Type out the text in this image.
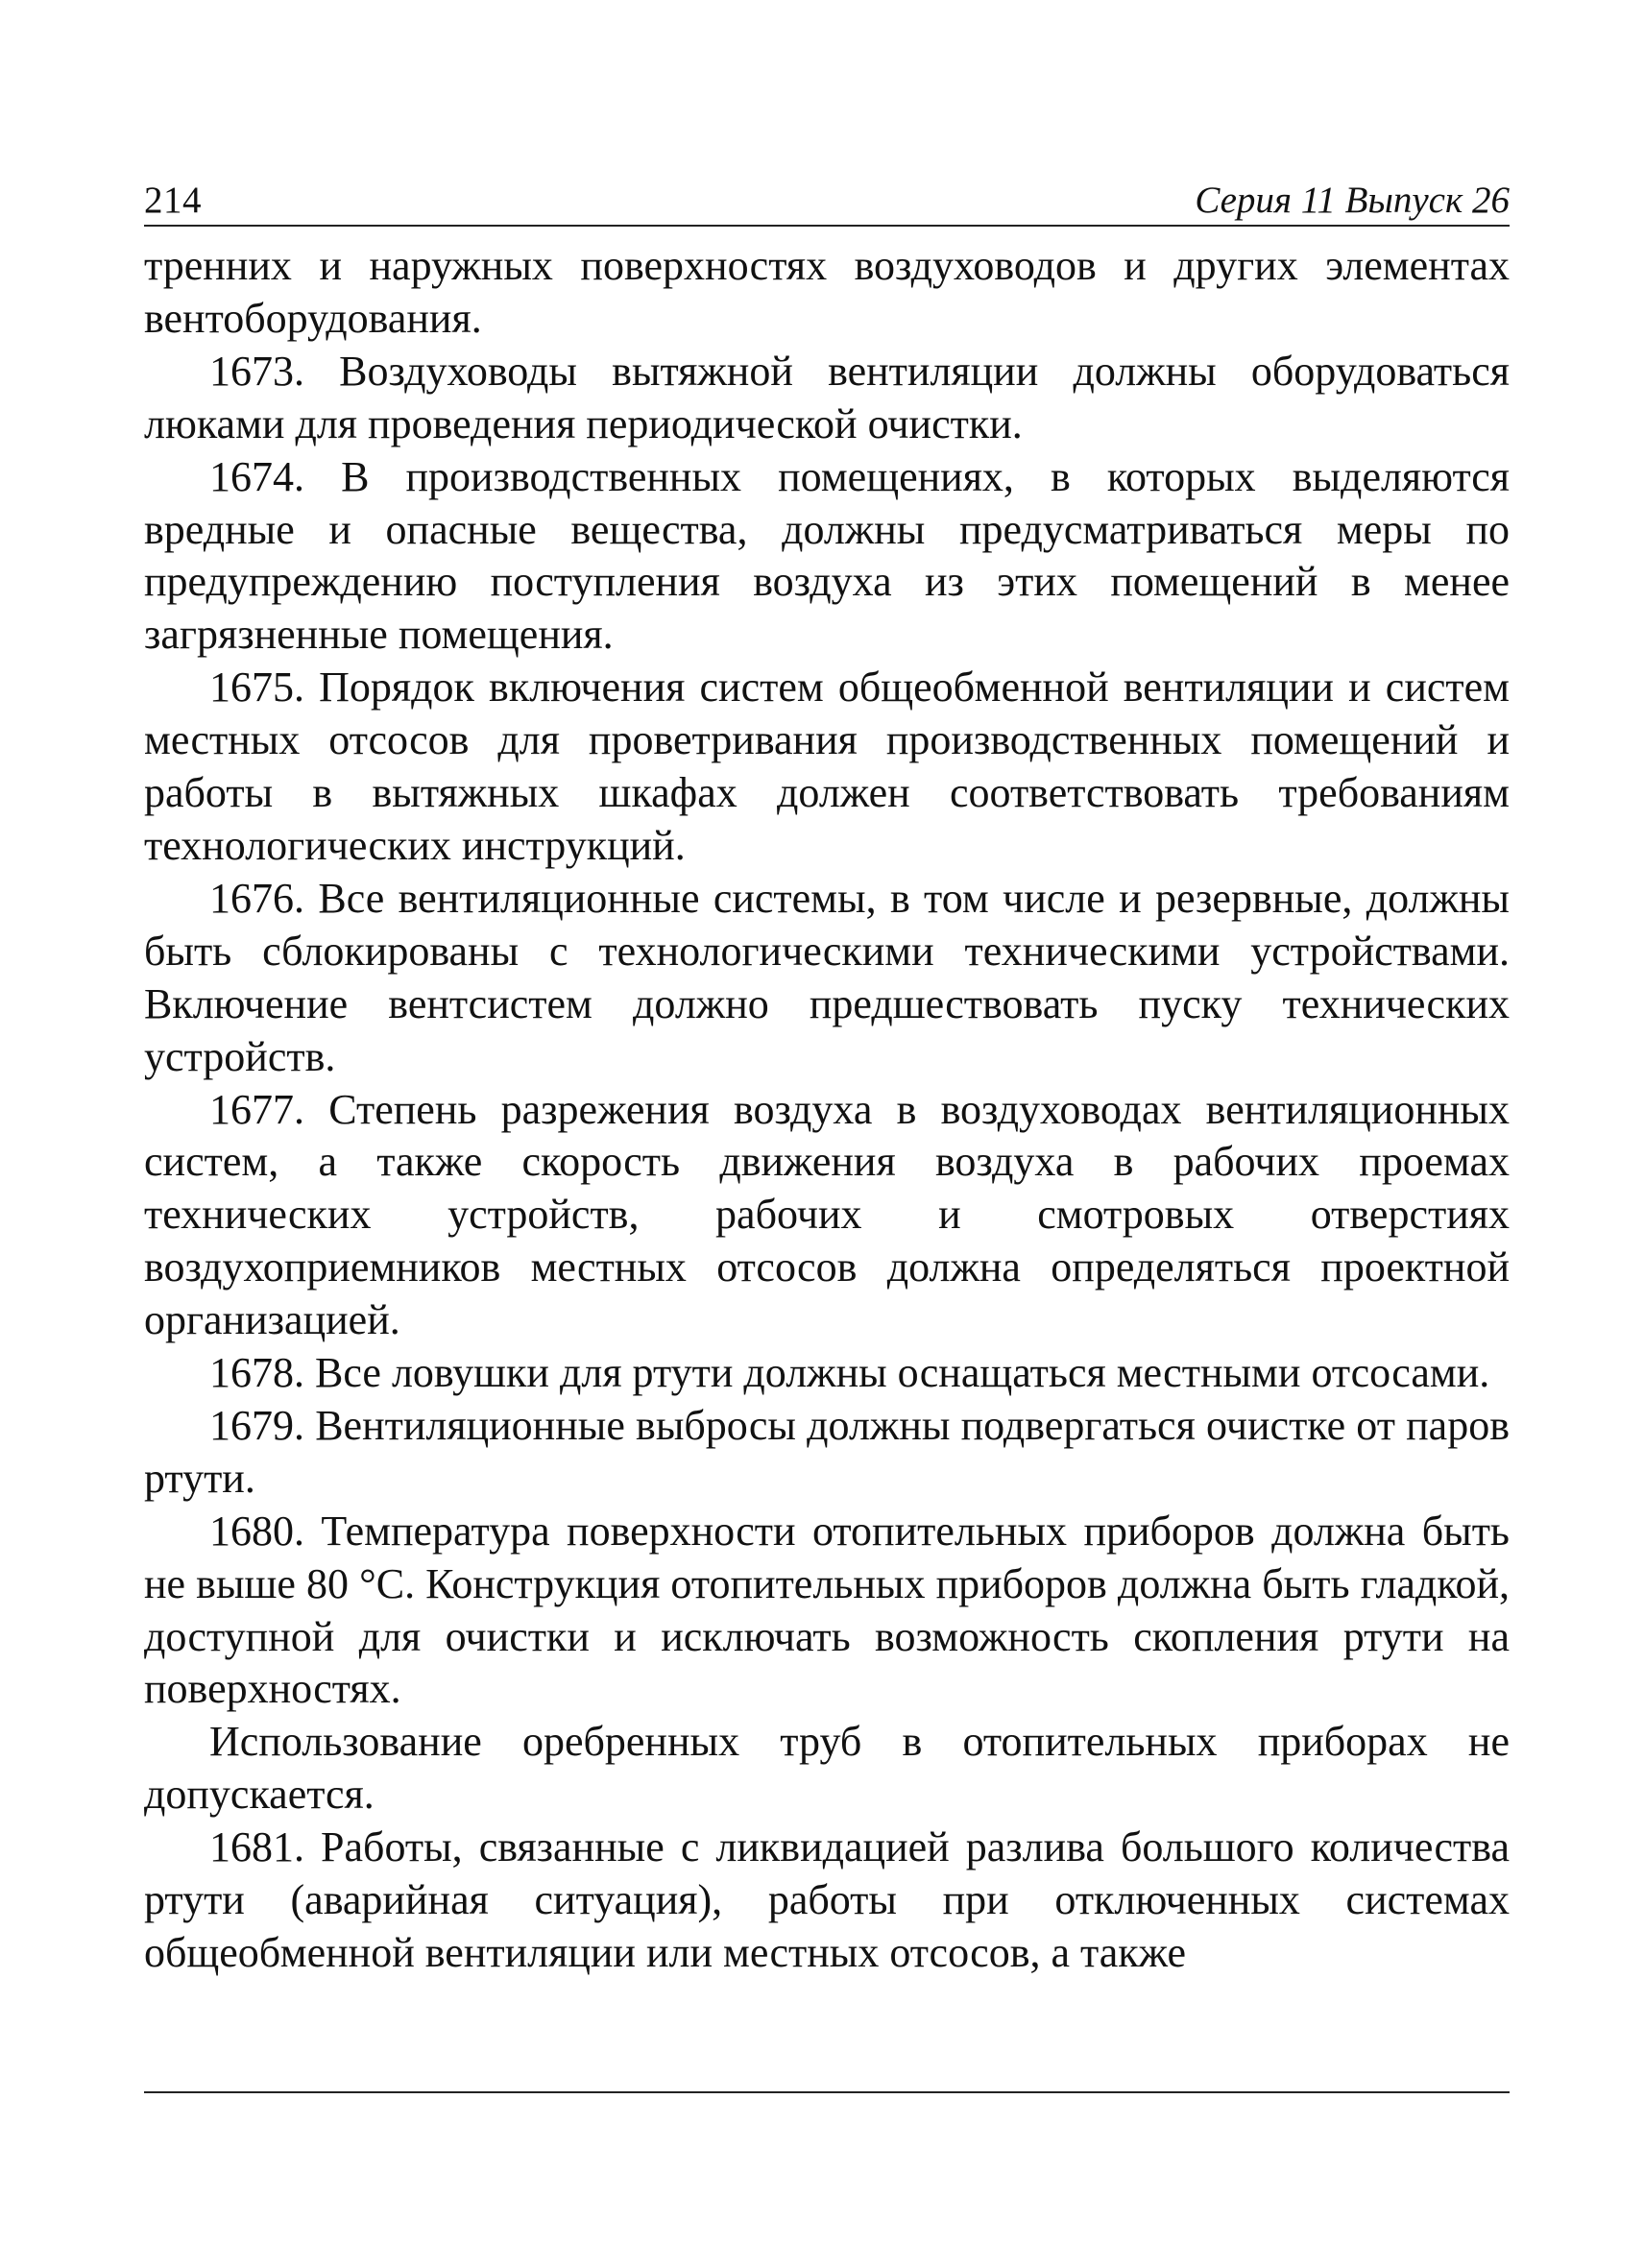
214	Серия 11 Выпуск 26

тренних и наружных поверхностях воздуховодов и других элементах вентоборудования.

1673. Воздуховоды вытяжной вентиляции должны оборудоваться люками для проведения периодической очистки.

1674. В производственных помещениях, в которых выделяются вредные и опасные вещества, должны предусматриваться меры по предупреждению поступления воздуха из этих помещений в менее загрязненные помещения.

1675. Порядок включения систем общеобменной вентиляции и систем местных отсосов для проветривания производственных помещений и работы в вытяжных шкафах должен соответствовать требованиям технологических инструкций.

1676. Все вентиляционные системы, в том числе и резервные, должны быть сблокированы с технологическими техническими устройствами. Включение вентсистем должно предшествовать пуску технических устройств.

1677. Степень разрежения воздуха в воздуховодах вентиляционных систем, а также скорость движения воздуха в рабочих проемах технических устройств, рабочих и смотровых отверстиях воздухоприемников местных отсосов должна определяться проектной организацией.

1678. Все ловушки для ртути должны оснащаться местными отсосами.

1679. Вентиляционные выбросы должны подвергаться очистке от паров ртути.

1680. Температура поверхности отопительных приборов должна быть не выше 80 °С. Конструкция отопительных приборов должна быть гладкой, доступной для очистки и исключать возможность скопления ртути на поверхностях.

Использование оребренных труб в отопительных приборах не допускается.

1681. Работы, связанные с ликвидацией разлива большого количества ртути (аварийная ситуация), работы при отключенных системах общеобменной вентиляции или местных отсосов, а также
